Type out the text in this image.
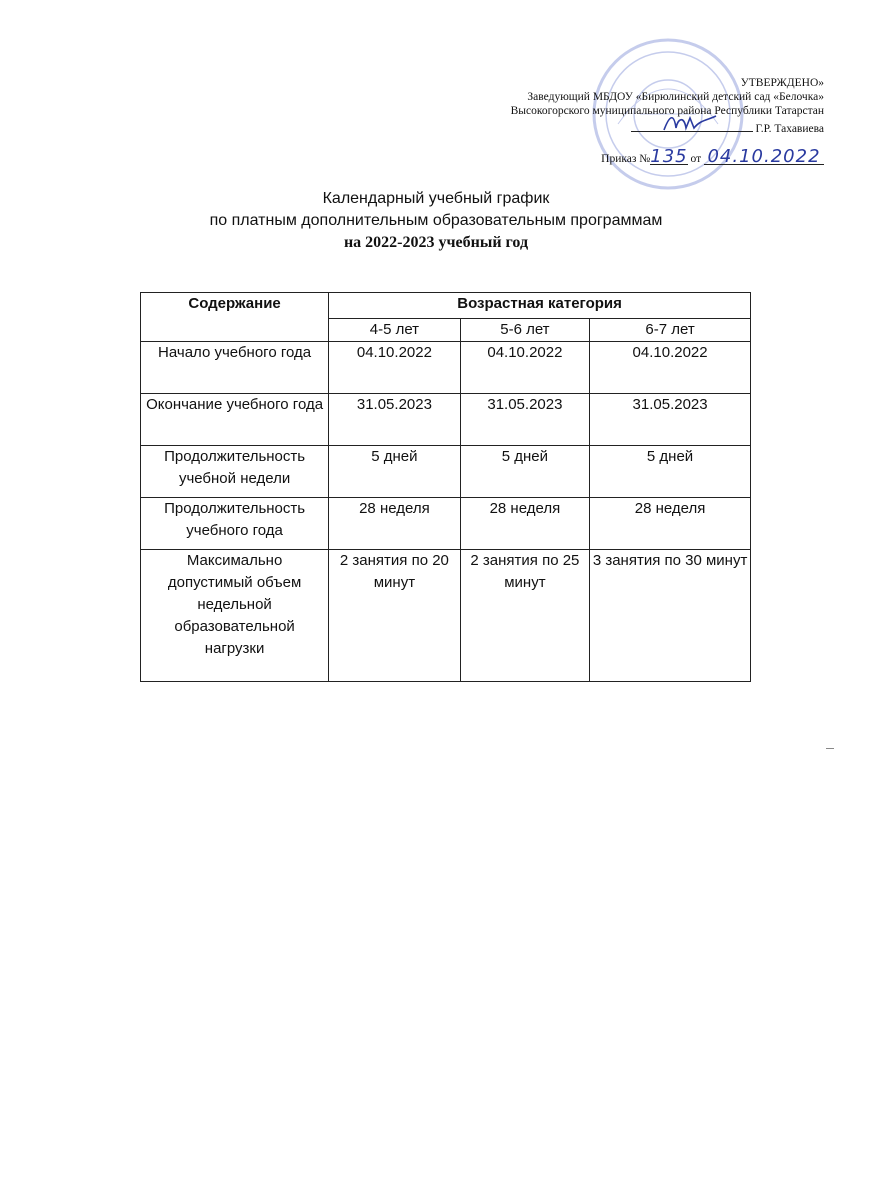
УТВЕРЖДЕНО»
Заведующий МБДОУ «Бирюлинский детский сад «Белочка»
Высокогорского муниципального района Республики Татарстан
Г.Р. Тахавиева
Приказ №135 от 04.10.2022
Календарный учебный график
по платным дополнительным образовательным программам
на 2022-2023 учебный год
Содержание	Возрастная категория		
	4-5 лет	5-6 лет	6-7 лет
Начало учебного года	04.10.2022	04.10.2022	04.10.2022
Окончание учебного года	31.05.2023	31.05.2023	31.05.2023
Продолжительность учебной недели	5 дней	5 дней	5 дней
Продолжительность учебного года	28 неделя	28 неделя	28 неделя
Максимально допустимый объем недельной образовательной нагрузки	2 занятия по 20 минут	2 занятия по 25 минут	3 занятия по 30 минут
